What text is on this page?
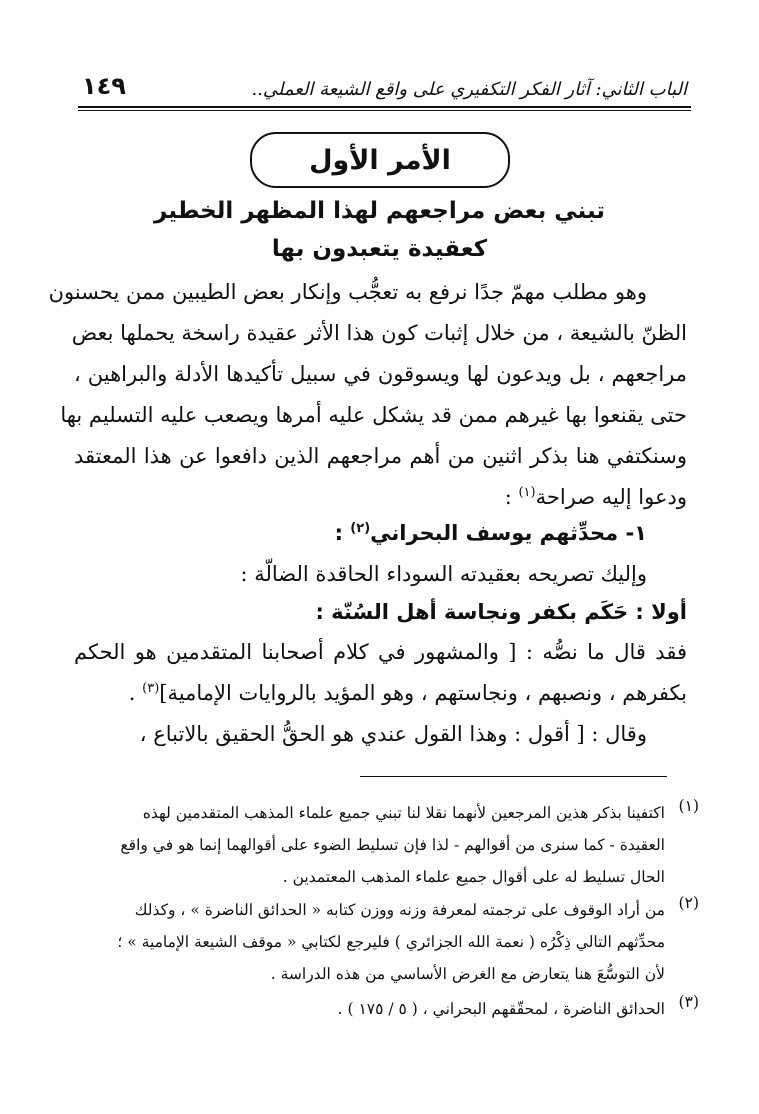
الباب الثاني: آثار الفكر التكفيري على واقع الشيعة العملي..
١٤٩
الأمر الأول
تبني بعض مراجعهم لهذا المظهر الخطير
كعقيدة يتعبدون بها
وهو مطلب مهمّ جدًا نرفع به تعجُّب وإنكار بعض الطيبين ممن يحسنون
الظنّ بالشيعة ، من خلال إثبات كون هذا الأثر عقيدة راسخة يحملها بعض
مراجعهم ، بل ويدعون لها ويسوقون في سبيل تأكيدها الأدلة والبراهين ،
حتى يقنعوا بها غيرهم ممن قد يشكل عليه أمرها ويصعب عليه التسليم بها
وسنكتفي هنا بذكر اثنين من أهم مراجعهم الذين دافعوا عن هذا المعتقد
ودعوا إليه صراحة$^{(١)}$ :
١- محدِّثهم يوسف البحراني$^{(٢)}$ :
وإليك تصريحه بعقيدته السوداء الحاقدة الضالّة :
أولا : حَكَم بكفر ونجاسة أهل السُنّة :
فقد قال ما نصُّه : [ والمشهور في كلام أصحابنا المتقدمين هو الحكم
بكفرهم ، ونصبهم ، ونجاستهم ، وهو المؤيد بالروايات الإمامية]$^{(٣)}$ .
وقال : [ أقول : وهذا القول عندي هو الحقُّ الحقيق بالاتباع ،
(١)
اكتفينا بذكر هذين المرجعين لأنهما نقلا لنا تبني جميع علماء المذهب المتقدمين لهذه
العقيدة - كما سنرى من أقوالهم - لذا فإن تسليط الضوء على أقوالهما إنما هو في واقع
الحال تسليط له على أقوال جميع علماء المذهب المعتمدين .
(٢)
من أراد الوقوف على ترجمته لمعرفة وزنه ووزن كتابه « الحدائق الناضرة » ، وكذلك
محدِّثهم التالي ذِكْرُه ( نعمة الله الجزائري ) فليرجع لكتابي « موقف الشيعة الإمامية » ؛
لأن التوسُّعَ هنا يتعارض مع الغرض الأساسي من هذه الدراسة .
(٣)
الحدائق الناضرة ، لمحقّقهم البحراني ، ( ٥ / ١٧٥ ) .
